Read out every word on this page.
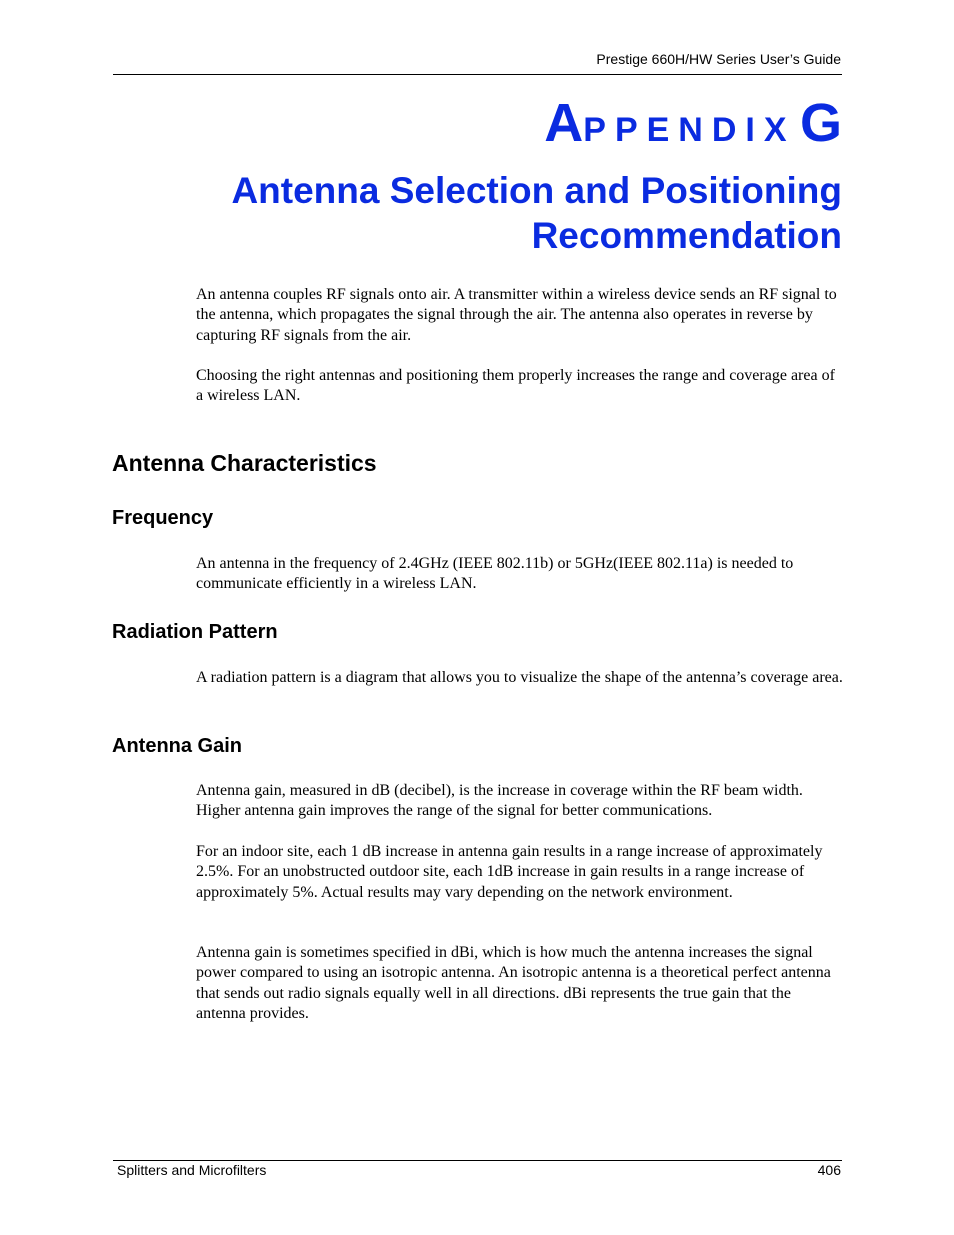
Prestige 660H/HW Series User’s Guide
APPENDIX G
Antenna Selection and Positioning Recommendation

An antenna couples RF signals onto air. A transmitter within a wireless device sends an RF signal to the antenna, which propagates the signal through the air. The antenna also operates in reverse by capturing RF signals from the air.

Choosing the right antennas and positioning them properly increases the range and coverage area of a wireless LAN.

Antenna Characteristics
Frequency

An antenna in the frequency of 2.4GHz (IEEE 802.11b) or 5GHz(IEEE 802.11a) is needed to communicate efficiently in a wireless LAN.

Radiation Pattern

A radiation pattern is a diagram that allows you to visualize the shape of the antenna’s coverage area.

Antenna Gain

Antenna gain, measured in dB (decibel), is the increase in coverage within the RF beam width. Higher antenna gain improves the range of the signal for better communications.

For an indoor site, each 1 dB increase in antenna gain results in a range increase of approximately 2.5%. For an unobstructed outdoor site, each 1dB increase in gain results in a range increase of approximately 5%. Actual results may vary depending on the network environment.

Antenna gain is sometimes specified in dBi, which is how much the antenna increases the signal power compared to using an isotropic antenna. An isotropic antenna is a theoretical perfect antenna that sends out radio signals equally well in all directions. dBi represents the true gain that the antenna provides.

Splitters and Microfilters	406
